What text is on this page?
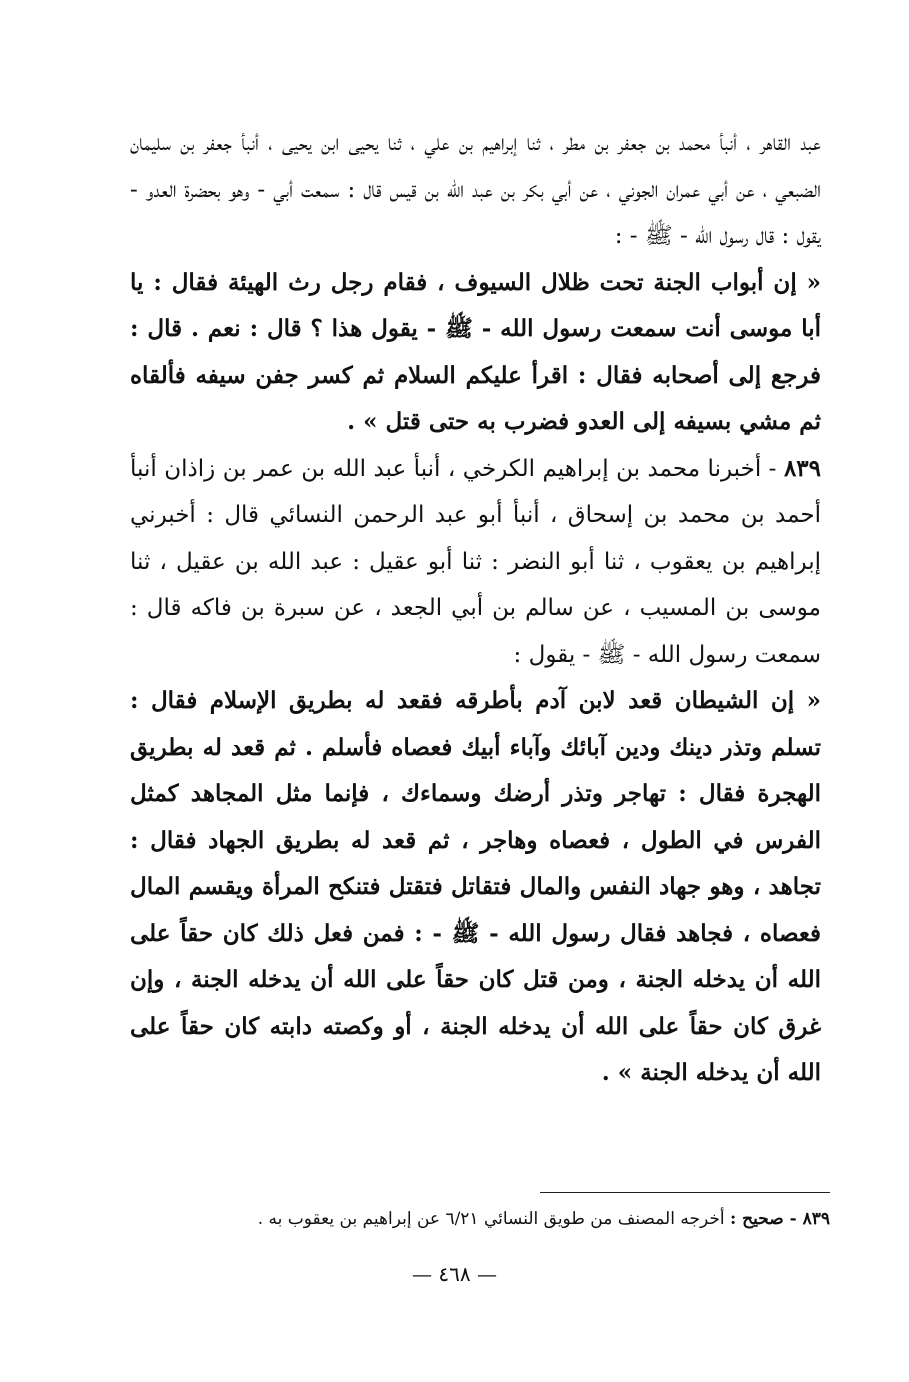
عبد القاهر ، أنبأ محمد بن جعفر بن مطر ، ثنا إبراهيم بن علي ، ثنا يحيى ابن يحيى ، أنبأ جعفر بن سليمان الضبعي ، عن أبي عمران الجوني ، عن أبي بكر بن عبد الله بن قيس قال : سمعت أبي - وهو بحضرة العدو - يقول : قال رسول الله - ﷺ - :

« إن أبواب الجنة تحت ظلال السيوف ، فقام رجل رث الهيئة فقال : يا أبا موسى أنت سمعت رسول الله - ﷺ - يقول هذا ؟ قال : نعم . قال : فرجع إلى أصحابه فقال : اقرأ عليكم السلام ثم كسر جفن سيفه فألقاه ثم مشي بسيفه إلى العدو فضرب به حتى قتل » .

٨٣٩ - أخبرنا محمد بن إبراهيم الكرخي ، أنبأ عبد الله بن عمر بن زاذان أنبأ أحمد بن محمد بن إسحاق ، أنبأ أبو عبد الرحمن النسائي قال : أخبرني إبراهيم بن يعقوب ، ثنا أبو النضر : ثنا أبو عقيل : عبد الله بن عقيل ، ثنا موسى بن المسيب ، عن سالم بن أبي الجعد ، عن سبرة بن فاكه قال : سمعت رسول الله - ﷺ - يقول :

« إن الشيطان قعد لابن آدم بأطرقه فقعد له بطريق الإسلام فقال : تسلم وتذر دينك ودين آبائك وآباء أبيك فعصاه فأسلم . ثم قعد له بطريق الهجرة فقال : تهاجر وتذر أرضك وسماءك ، فإنما مثل المجاهد كمثل الفرس في الطول ، فعصاه وهاجر ، ثم قعد له بطريق الجهاد فقال : تجاهد ، وهو جهاد النفس والمال فتقاتل فتقتل فتنكح المرأة ويقسم المال فعصاه ، فجاهد فقال رسول الله - ﷺ - : فمن فعل ذلك كان حقاً على الله أن يدخله الجنة ، ومن قتل كان حقاً على الله أن يدخله الجنة ، وإن غرق كان حقاً على الله أن يدخله الجنة ، أو وكصته دابته كان حقاً على الله أن يدخله الجنة » .

٨٣٩ - صحيح : أخرجه المصنف من طويق النسائي ٦/٢١ عن إبراهيم بن يعقوب به .

— ٤٦٨ —
